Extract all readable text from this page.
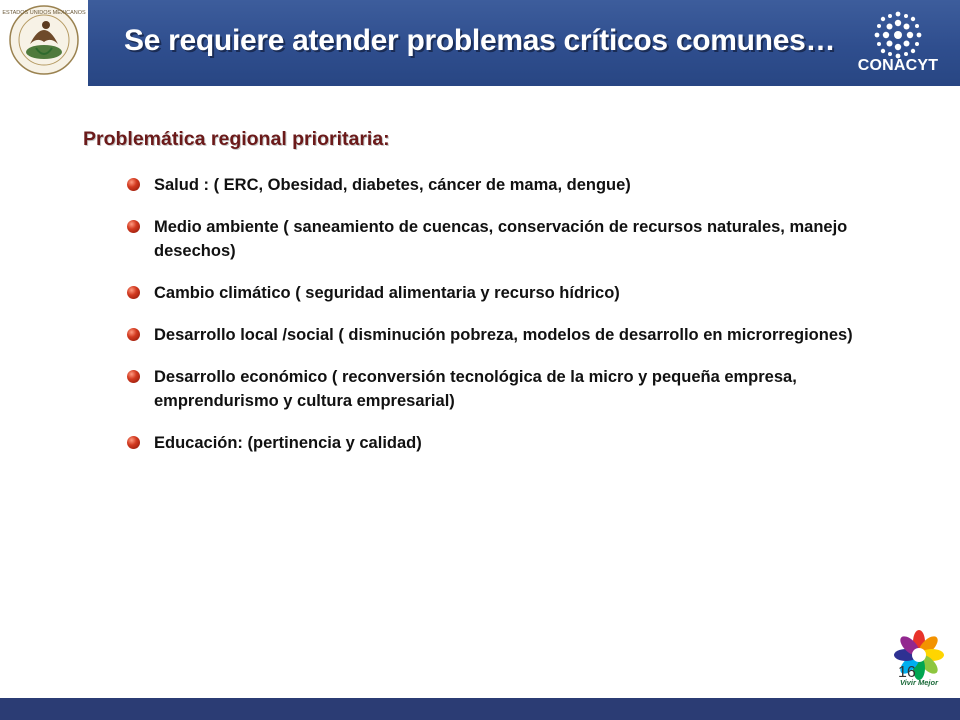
ESTADOS UNIDOS MEXICANOS
Se requiere atender problemas críticos comunes…
CONACYT
Problemática regional prioritaria:
Salud : ( ERC, Obesidad, diabetes, cáncer de mama, dengue)
Medio ambiente ( saneamiento de cuencas, conservación de recursos naturales, manejo desechos)
Cambio climático ( seguridad alimentaria y recurso hídrico)
Desarrollo local /social ( disminución pobreza, modelos de desarrollo en microrregiones)
Desarrollo económico ( reconversión tecnológica de la micro y pequeña empresa, emprendurismo y cultura empresarial)
Educación: (pertinencia y calidad)
Vivir Mejor
16
